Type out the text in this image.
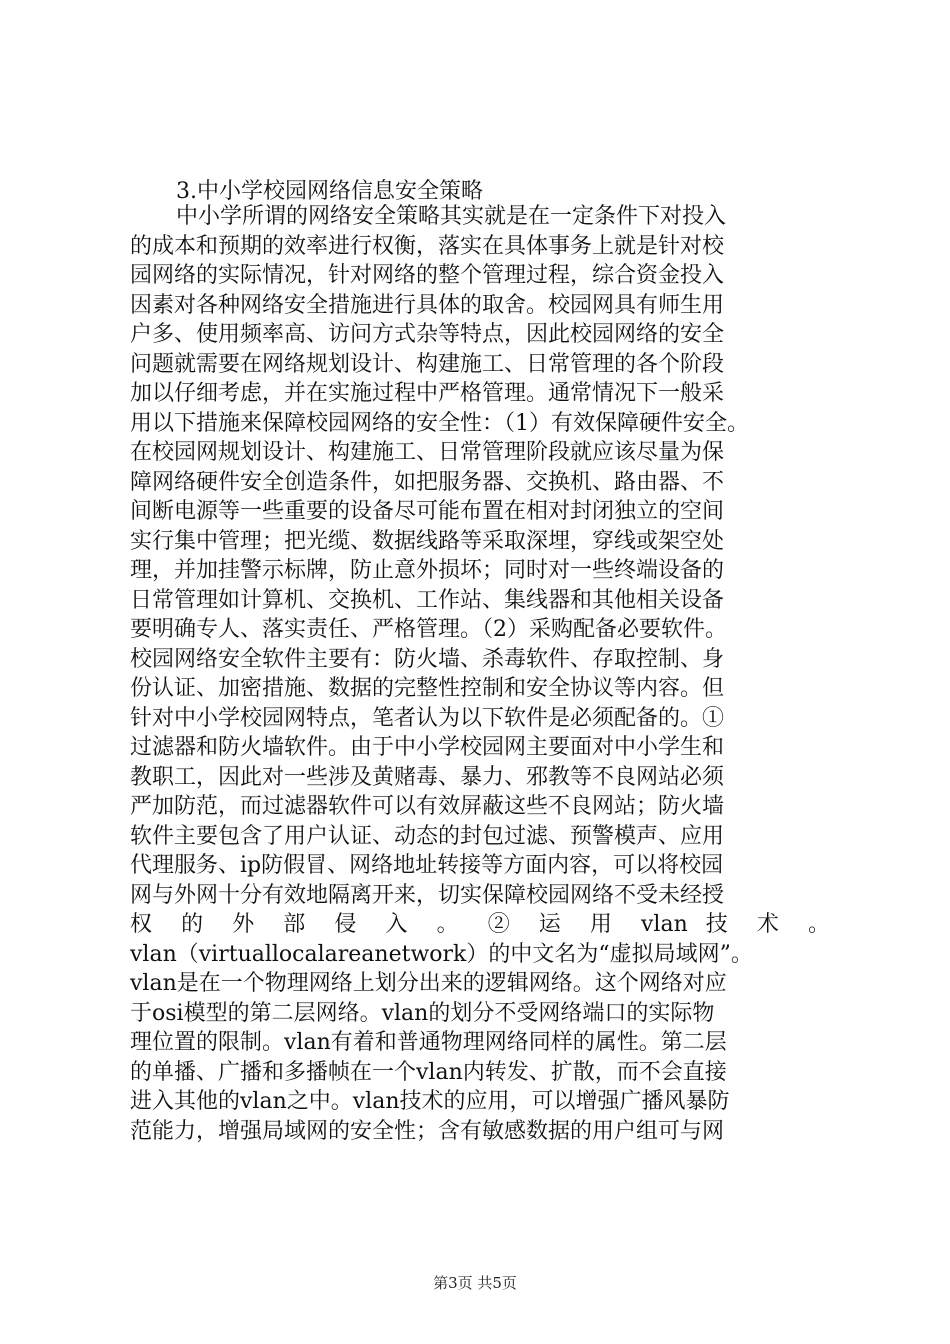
3.中小学校园网络信息安全策略
中小学所谓的网络安全策略其实就是在一定条件下对投入
的成本和预期的效率进行权衡，落实在具体事务上就是针对校
园网络的实际情况，针对网络的整个管理过程，综合资金投入
因素对各种网络安全措施进行具体的取舍。校园网具有师生用
户多、使用频率高、访问方式杂等特点，因此校园网络的安全
问题就需要在网络规划设计、构建施工、日常管理的各个阶段
加以仔细考虑，并在实施过程中严格管理。通常情况下一般采
用以下措施来保障校园网络的安全性：（1）有效保障硬件安全。
在校园网规划设计、构建施工、日常管理阶段就应该尽量为保
障网络硬件安全创造条件，如把服务器、交换机、路由器、不
间断电源等一些重要的设备尽可能布置在相对封闭独立的空间
实行集中管理；把光缆、数据线路等采取深埋，穿线或架空处
理，并加挂警示标牌，防止意外损坏；同时对一些终端设备的
日常管理如计算机、交换机、工作站、集线器和其他相关设备
要明确专人、落实责任、严格管理。（2）采购配备必要软件。
校园网络安全软件主要有：防火墙、杀毒软件、存取控制、身
份认证、加密措施、数据的完整性控制和安全协议等内容。但
针对中小学校园网特点，笔者认为以下软件是必须配备的。①
过滤器和防火墙软件。由于中小学校园网主要面对中小学生和
教职工，因此对一些涉及黄赌毒、暴力、邪教等不良网站必须
严加防范，而过滤器软件可以有效屏蔽这些不良网站；防火墙
软件主要包含了用户认证、动态的封包过滤、预警模声、应用
代理服务、ip防假冒、网络地址转接等方面内容，可以将校园
网与外网十分有效地隔离开来，切实保障校园网络不受未经授
权 的 外 部 侵 入 。 ② 运 用 vlan 技 术 。
vlan（virtuallocalareanetwork）的中文名为“虚拟局域网”。
vlan是在一个物理网络上划分出来的逻辑网络。这个网络对应
于osi模型的第二层网络。vlan的划分不受网络端口的实际物
理位置的限制。vlan有着和普通物理网络同样的属性。第二层
的单播、广播和多播帧在一个vlan内转发、扩散，而不会直接
进入其他的vlan之中。vlan技术的应用，可以增强广播风暴防
范能力，增强局域网的安全性；含有敏感数据的用户组可与网
第3页 共5页
